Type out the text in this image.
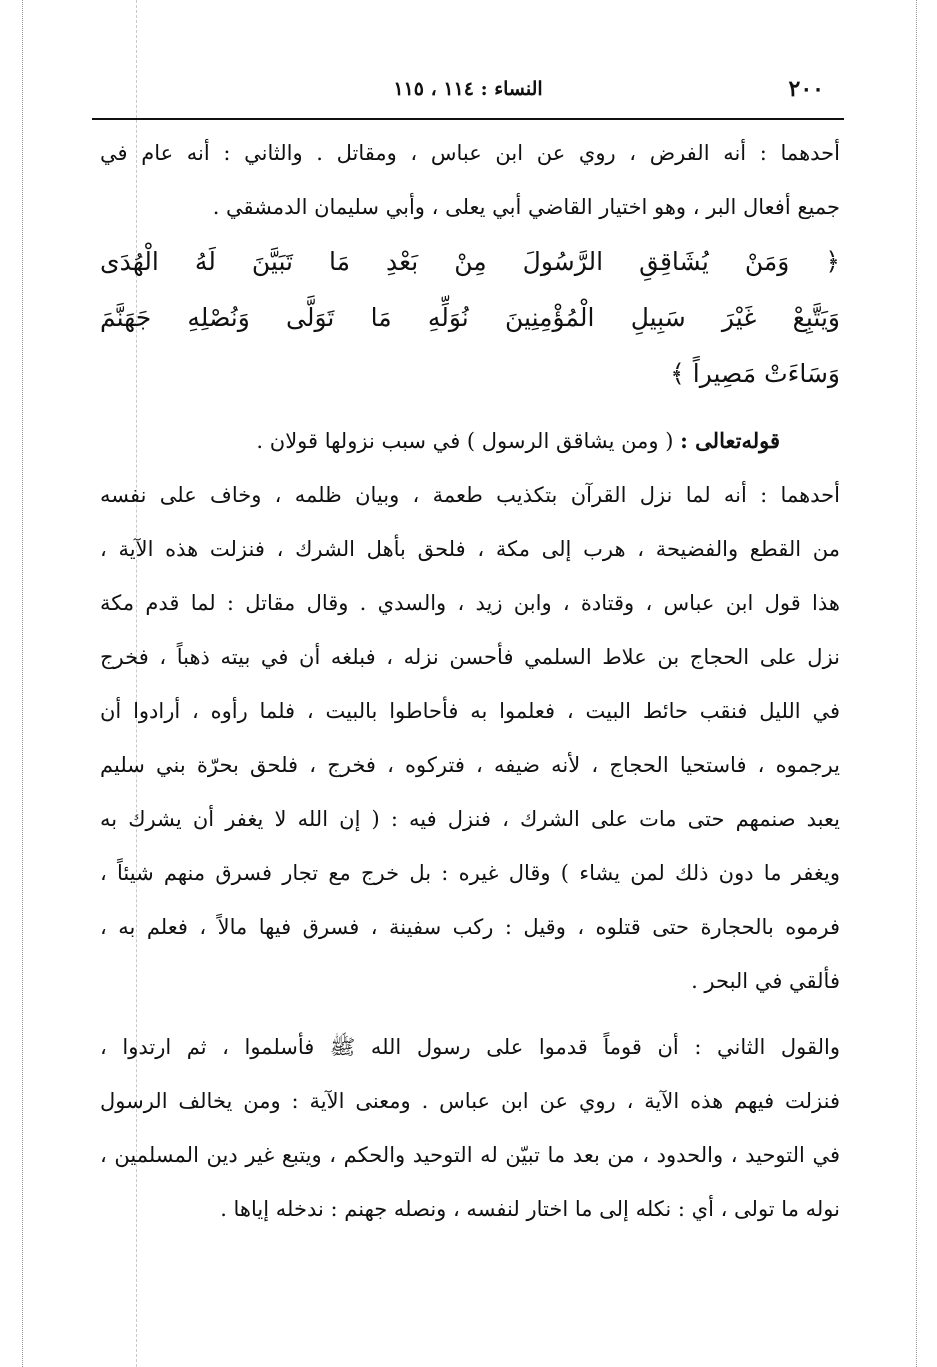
٢٠٠
النساء : ١١٤ ، ١١٥

أحدهما : أنه الفرض ، روي عن ابن عباس ، ومقاتل . والثاني : أنه عام في
جميع أفعال البر ، وهو اختيار القاضي أبي يعلى ، وأبي سليمان الدمشقي .

﴿ وَمَنْ يُشَاقِقِ الرَّسُولَ مِنْ بَعْدِ مَا تَبَيَّنَ لَهُ الْهُدَى
وَيَتَّبِعْ غَيْرَ سَبِيلِ الْمُؤْمِنِينَ نُوَلِّهِ مَا تَوَلَّى وَنُصْلِهِ جَهَنَّمَ
وَسَاءَتْ مَصِيراً ﴾

قوله‌تعالى : ( ومن يشاقق الرسول ) في سبب نزولها قولان .

أحدهما : أنه لما نزل القرآن بتكذيب طعمة ، وبيان ظلمه ، وخاف على نفسه
من القطع والفضيحة ، هرب إلى مكة ، فلحق بأهل الشرك ، فنزلت هذه الآية ،
هذا قول ابن عباس ، وقتادة ، وابن زيد ، والسدي . وقال مقاتل : لما قدم مكة
نزل على الحجاج بن علاط السلمي فأحسن نزله ، فبلغه أن في بيته ذهباً ، فخرج
في الليل فنقب حائط البيت ، فعلموا به فأحاطوا بالبيت ، فلما رأوه ، أرادوا أن
يرجموه ، فاستحيا الحجاج ، لأنه ضيفه ، فتركوه ، فخرج ، فلحق بحرّة بني سليم
يعبد صنمهم حتى مات على الشرك ، فنزل فيه : ( إن الله لا يغفر أن يشرك به
ويغفر ما دون ذلك لمن يشاء ) وقال غيره : بل خرج مع تجار فسرق منهم شيئاً ،
فرموه بالحجارة حتى قتلوه ، وقيل : ركب سفينة ، فسرق فيها مالاً ، فعلم به ،
فألقي في البحر .

والقول الثاني : أن قوماً قدموا على رسول الله ﷺ فأسلموا ، ثم ارتدوا ،
فنزلت فيهم هذه الآية ، روي عن ابن عباس . ومعنى الآية : ومن يخالف الرسول
في التوحيد ، والحدود ، من بعد ما تبيّن له التوحيد والحكم ، ويتبع غير دين المسلمين ،
نوله ما تولى ، أي : نكله إلى ما اختار لنفسه ، ونصله جهنم : ندخله إياها .
